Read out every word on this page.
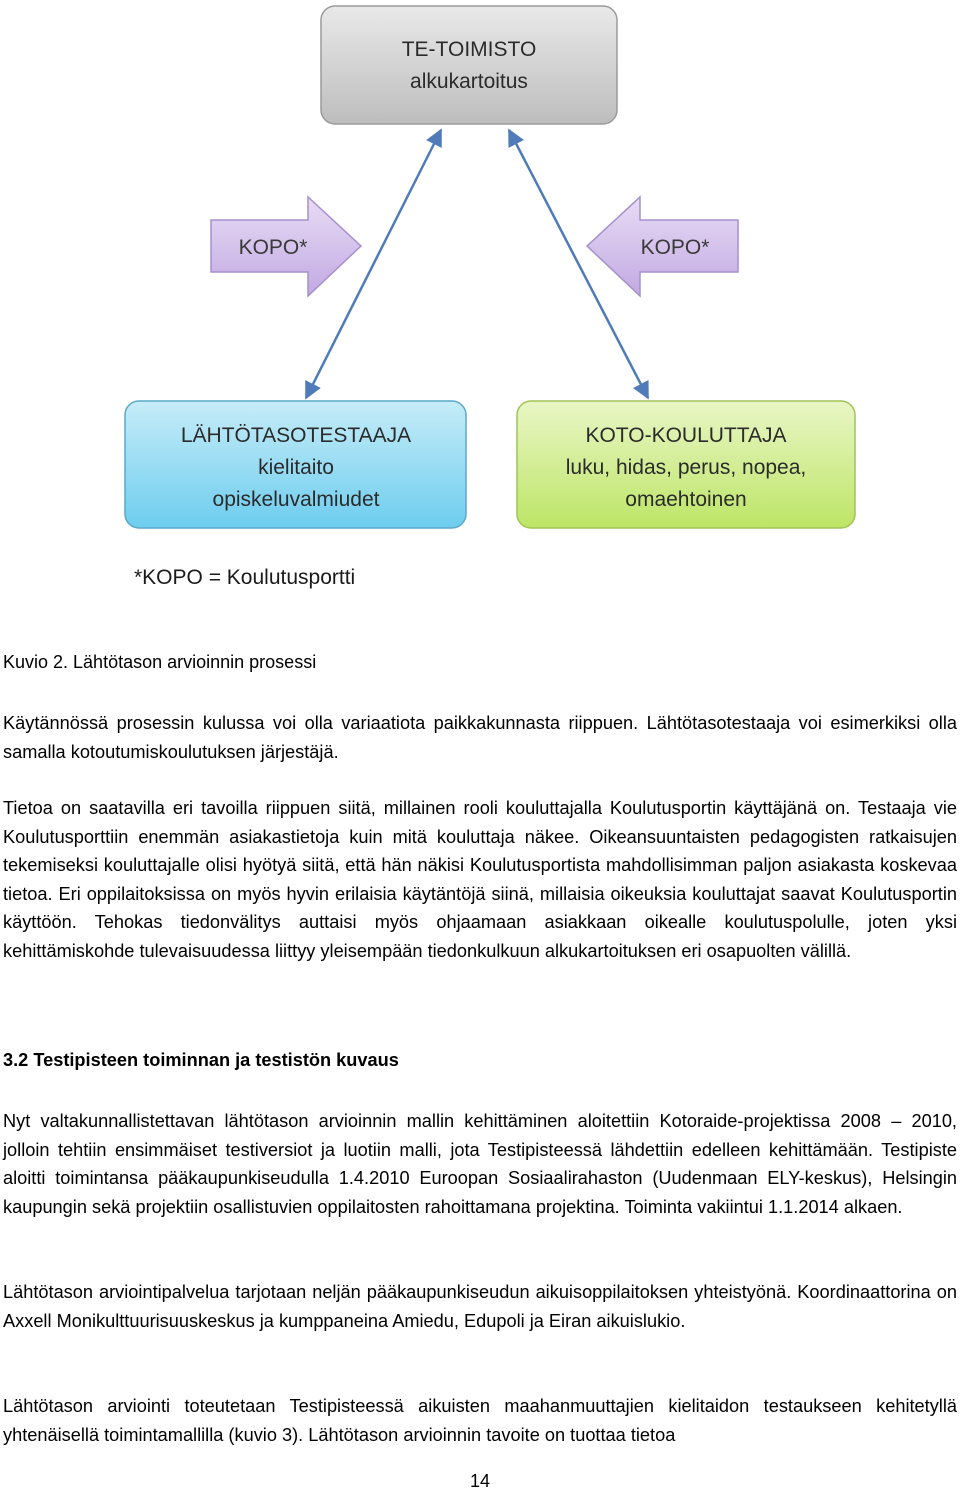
TE-TOIMISTO
alkukartoitus
KOPO*	KOPO*
LÄHTÖTASOTESTAAJA
kielitaito
opiskeluvalmiudet
KOTO-KOULUTTAJA
luku, hidas, perus, nopea,
omaehtoinen
*KOPO = Koulutusportti
Kuvio 2. Lähtötason arvioinnin prosessi

Käytännössä prosessin kulussa voi olla variaatiota paikkakunnasta riippuen. Lähtötasotestaaja voi esimerkiksi olla samalla kotoutumiskoulutuksen järjestäjä.

Tietoa on saatavilla eri tavoilla riippuen siitä, millainen rooli kouluttajalla Koulutusportin käyttäjänä on. Testaaja vie Koulutusporttiin enemmän asiakastietoja kuin mitä kouluttaja näkee. Oikeansuuntaisten pedagogisten ratkaisujen tekemiseksi kouluttajalle olisi hyötyä siitä, että hän näkisi Koulutusportista mahdollisimman paljon asiakasta koskevaa tietoa. Eri oppilaitoksissa on myös hyvin erilaisia käytäntöjä siinä, millaisia oikeuksia kouluttajat saavat Koulutusportin käyttöön. Tehokas tiedonvälitys auttaisi myös ohjaamaan asiakkaan oikealle koulutuspolulle, joten yksi kehittämiskohde tulevaisuudessa liittyy yleisempään tiedonkulkuun alkukartoituksen eri osapuolten välillä.

3.2 Testipisteen toiminnan ja testistön kuvaus

Nyt valtakunnallistettavan lähtötason arvioinnin mallin kehittäminen aloitettiin Kotoraide-projektissa 2008 – 2010, jolloin tehtiin ensimmäiset testiversiot ja luotiin malli, jota Testipisteessä lähdettiin edelleen kehittämään. Testipiste aloitti toimintansa pääkaupunkiseudulla 1.4.2010 Euroopan Sosiaalirahaston (Uudenmaan ELY-keskus), Helsingin kaupungin sekä projektiin osallistuvien oppilaitosten rahoittamana projektina. Toiminta vakiintui 1.1.2014 alkaen.

Lähtötason arviointipalvelua tarjotaan neljän pääkaupunkiseudun aikuisoppilaitoksen yhteistyönä. Koordinaattorina on Axxell Monikulttuurisuuskeskus ja kumppaneina Amiedu, Edupoli ja Eiran aikuislukio.

Lähtötason arviointi toteutetaan Testipisteessä aikuisten maahanmuuttajien kielitaidon testaukseen kehitetyllä yhtenäisellä toimintamallilla (kuvio 3). Lähtötason arvioinnin tavoite on tuottaa tietoa

14
